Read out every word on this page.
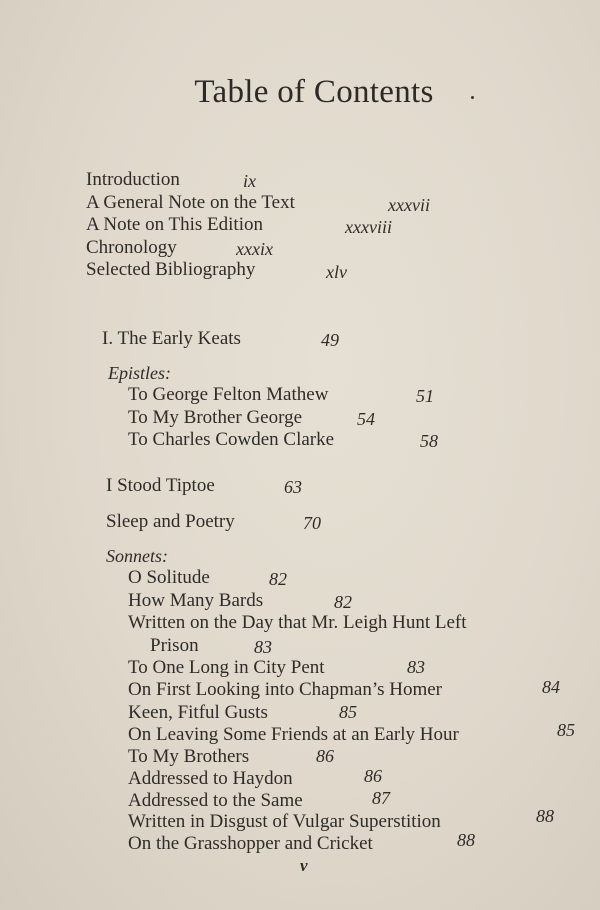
Table of Contents
Introduction	ix
A General Note on the Text	xxxvii
A Note on This Edition	xxxviii
Chronology	xxxix
Selected Bibliography	xlv
I. The Early Keats	49
Epistles:
To George Felton Mathew	51
To My Brother George	54
To Charles Cowden Clarke	58
I Stood Tiptoe	63
Sleep and Poetry	70
Sonnets:
O Solitude	82
How Many Bards	82
Written on the Day that Mr. Leigh Hunt Left
Prison	83
To One Long in City Pent	83
On First Looking into Chapman’s Homer	84
Keen, Fitful Gusts	85
On Leaving Some Friends at an Early Hour	85
To My Brothers	86
Addressed to Haydon	86
Addressed to the Same	87
Written in Disgust of Vulgar Superstition	88
On the Grasshopper and Cricket	88
v
